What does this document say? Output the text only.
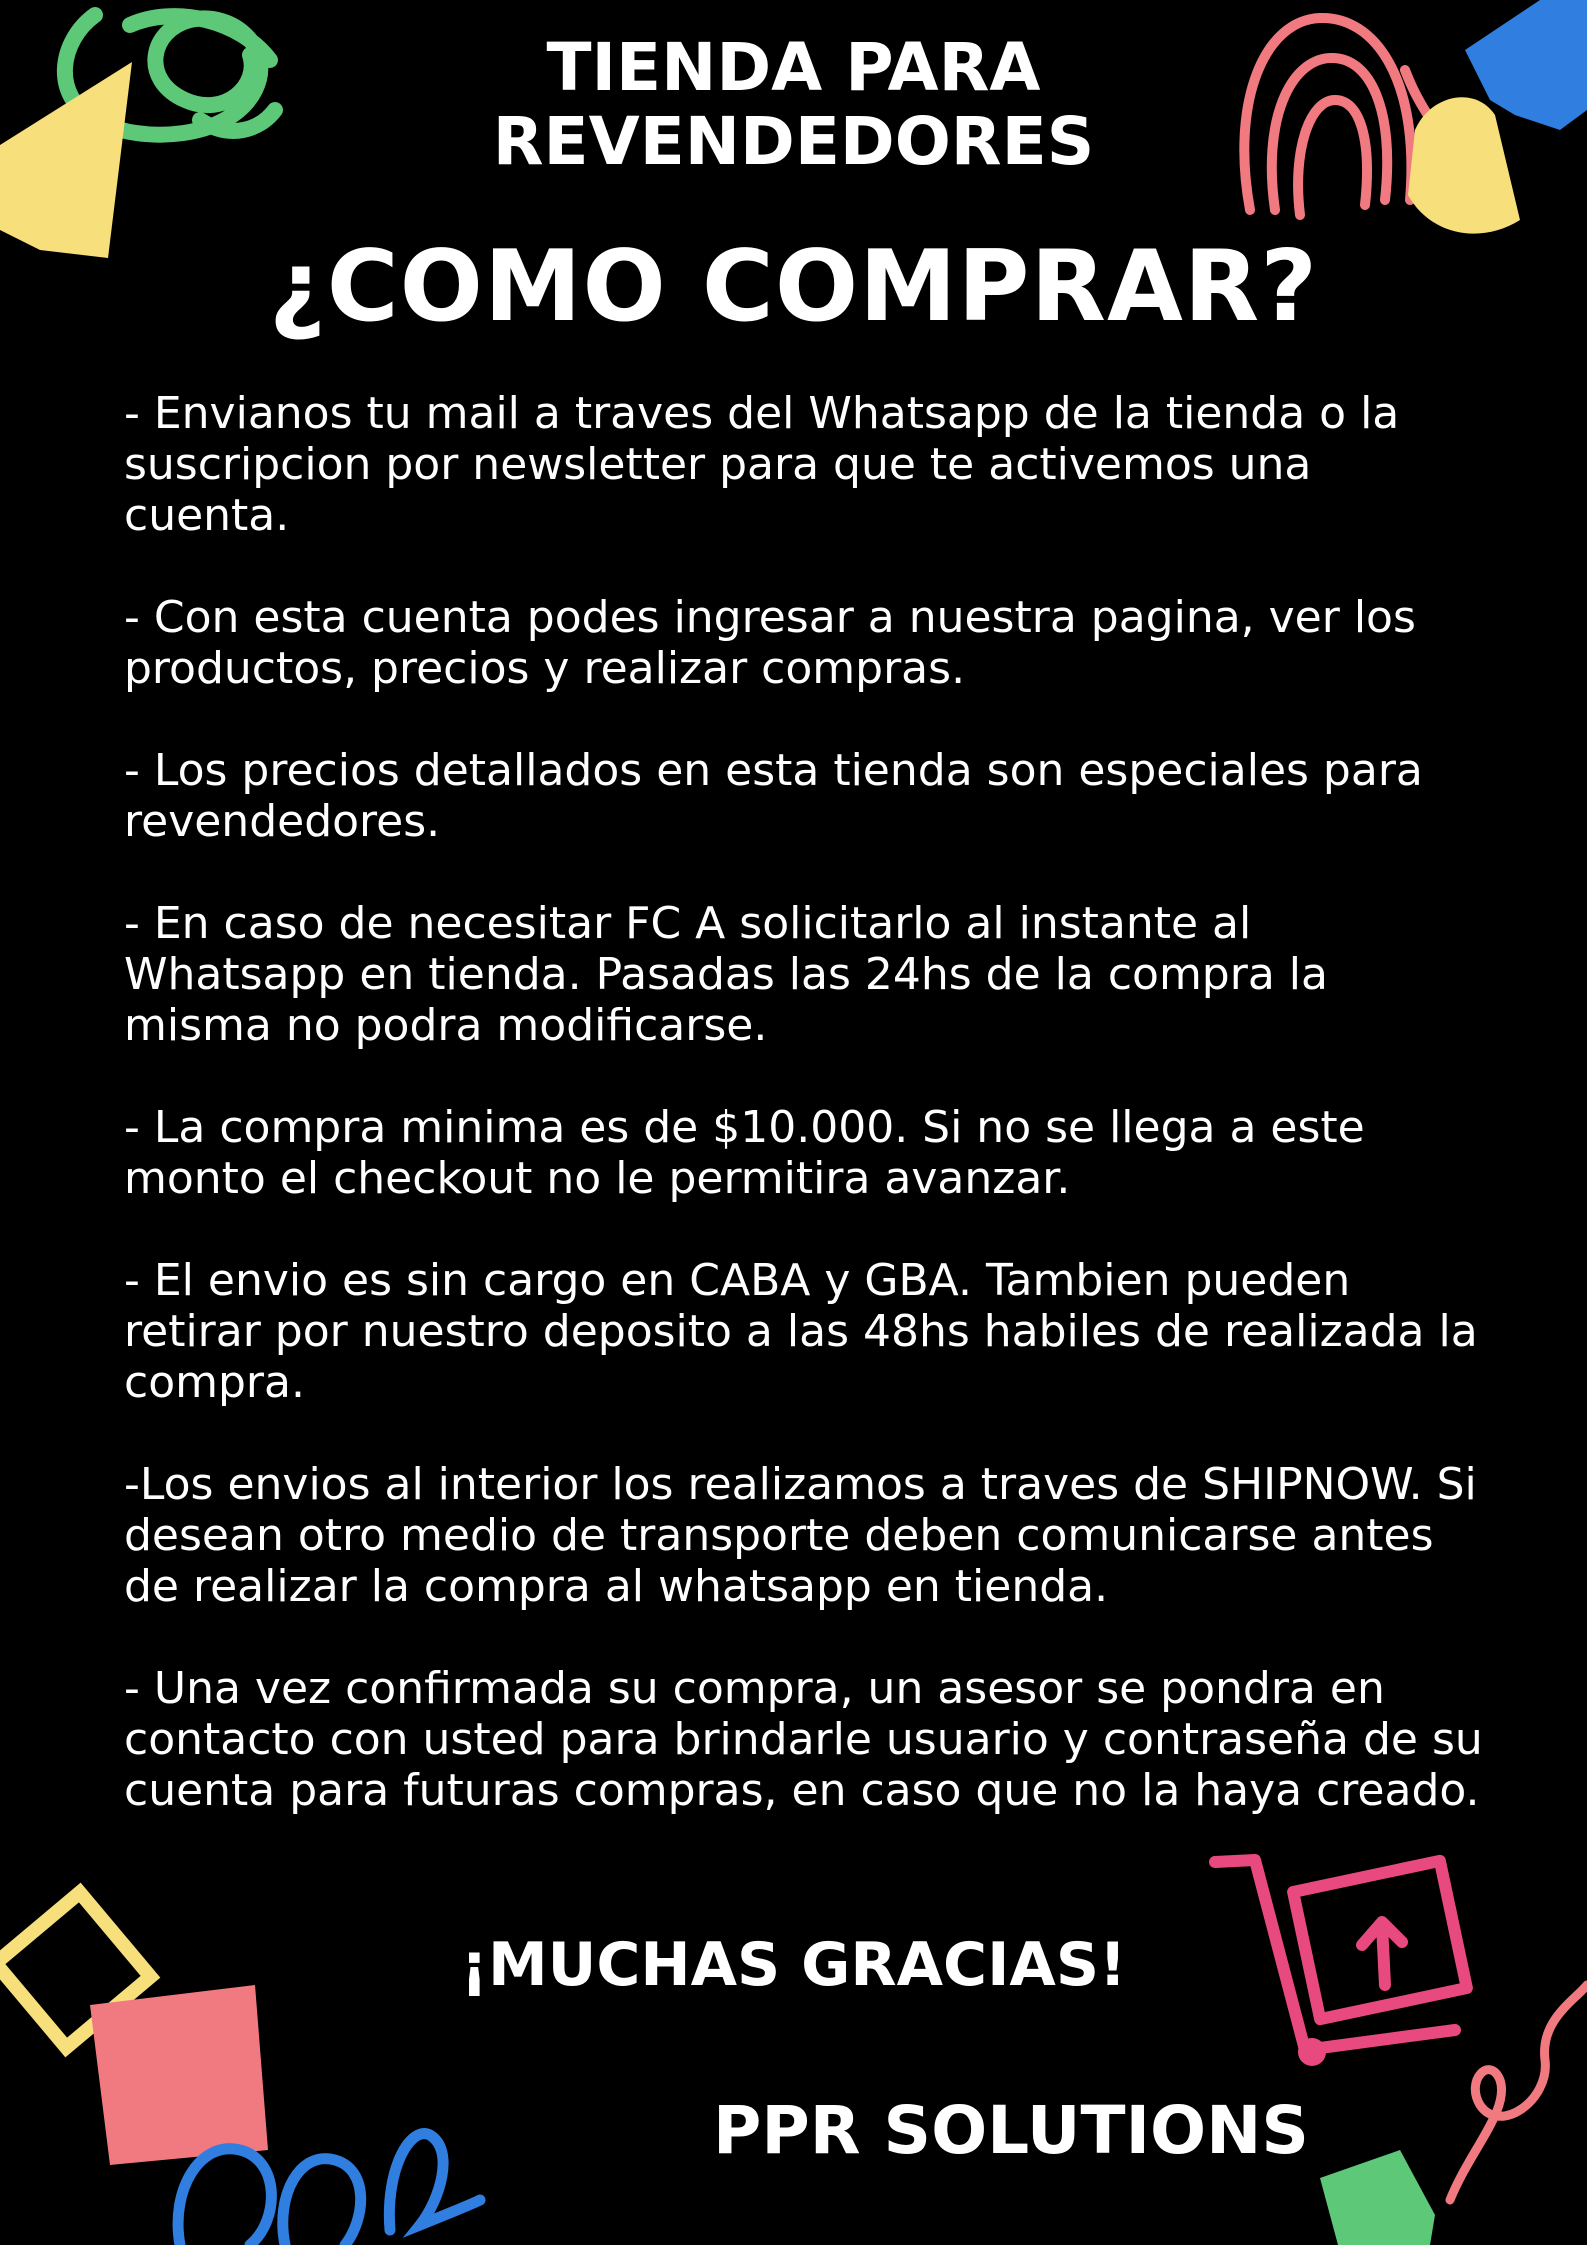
TIENDA PARA
REVENDEDORES
¿COMO COMPRAR?
- Envianos tu mail a traves del Whatsapp de la tienda o la suscripcion por newsletter para que te activemos una cuenta.
- Con esta cuenta podes ingresar a nuestra pagina, ver los productos, precios y realizar compras.
- Los precios detallados en esta tienda son especiales para revendedores.
- En caso de necesitar FC A solicitarlo al instante al Whatsapp en tienda. Pasadas las 24hs de la compra la misma no podra modificarse.
- La compra minima es de $10.000. Si no se llega a este monto el checkout no le permitira avanzar.
- El envio es sin cargo en CABA y GBA. Tambien pueden retirar por nuestro deposito a las 48hs habiles de realizada la compra.
-Los envios al interior los realizamos a traves de SHIPNOW. Si desean otro medio de transporte deben comunicarse antes de realizar la compra al whatsapp en tienda.
- Una vez confirmada su compra, un asesor se pondra en contacto con usted para brindarle usuario y contraseña de su cuenta para futuras compras, en caso que no la haya creado.

¡MUCHAS GRACIAS!

PPR SOLUTIONS
